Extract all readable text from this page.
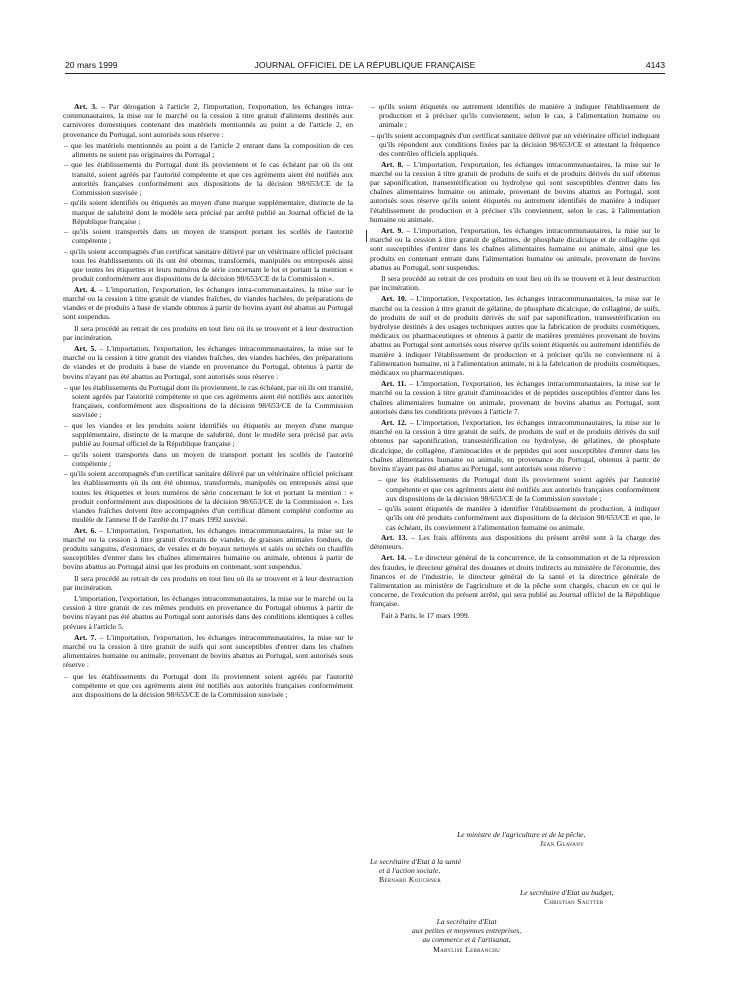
20 mars 1999	JOURNAL OFFICIEL DE LA RÉPUBLIQUE FRANÇAISE	4143

Art. 3. – Par dérogation à l'article 2, l'importation, l'exportation, les échanges intra-communautaires, la mise sur le marché ou la cession à titre gratuit d'aliments destinés aux carnivores domestiques contenant des matériels mentionnés au point a de l'article 2, en provenance du Portugal, sont autorisés sous réserve :

– que les matériels mentionnés au point a de l'article 2 entrant dans la composition de ces aliments ne soient pas originaires du Portugal ;

– que les établissements du Portugal dont ils proviennent et le cas échéant par où ils ont transité, soient agréés par l'autorité compétente et que ces agréments aient été notifiés aux autorités françaises conformément aux dispositions de la décision 98/653/CE de la Commission susvisée ;

– qu'ils soient identifiés ou étiquetés au moyen d'une marque supplémentaire, distincte de la marque de salubrité dont le modèle sera précisé par arrêté publié au Journal officiel de la République française ;

– qu'ils soient transportés dans un moyen de transport portant les scellés de l'autorité compétente ;

– qu'ils soient accompagnés d'un certificat sanitaire délivré par un vétérinaire officiel précisant tous les établissements où ils ont été obtenus, transformés, manipulés ou entreposés ainsi que toutes les étiquettes et leurs numéros de série concernant le lot et portant la mention « produit conformément aux dispositions de la décision 98/653/CE de la Commission ».

Art. 4. – L'importation, l'exportation, les échanges intra-communautaires, la mise sur le marché ou la cession à titre gratuit de viandes fraîches, de viandes hachées, de préparations de viandes et de produits à base de viande obtenus à partir de bovins ayant été abattus au Portugal sont suspendus.

Il sera procédé au retrait de ces produits en tout lieu où ils se trouvent et à leur destruction par incinération.

Art. 5. – L'importation, l'exportation, les échanges intracommunautaires, la mise sur le marché ou la cession à titre gratuit des viandes fraîches, des viandes hachées, des préparations de viandes et de produits à base de viande en provenance du Portugal, obtenus à partir de bovins n'ayant pas été abattus au Portugal, sont autorisés sous réserve :

– que les établissements du Portugal dont ils proviennent, le cas échéant, par où ils ont transité, soient agréés par l'autorité compétente et que ces agréments aient été notifiés aux autorités françaises, conformément aux dispositions de la décision 98/653/CE de la Commission susvisée ;

– que les viandes et les produits soient identifiés ou étiquetés au moyen d'une marque supplémentaire, distincte de la marque de salubrité, dont le modèle sera précisé par avis publié au Journal officiel de la République française ;

– qu'ils soient transportés dans un moyen de transport portant les scellés de l'autorité compétente ;

– qu'ils soient accompagnés d'un certificat sanitaire délivré par un vétérinaire officiel précisant les établissements où ils ont été obtenus, transformés, manipulés ou entreposés ainsi que toutes les étiquettes et leurs numéros de série concernant le lot et portant la mention : « produit conformément aux dispositions de la décision 98/653/CE de la Commission ». Les viandes fraîches doivent être accompagnées d'un certificat dûment complété conforme au modèle de l'annexe II de l'arrêté du 17 mars 1992 susvisé.

Art. 6. – L'importation, l'exportation, les échanges intracommunautaires, la mise sur le marché ou la cession à titre gratuit d'extraits de viandes, de graisses animales fondues, de produits sanguins, d'estomacs, de vessies et de boyaux nettoyés et salés ou séchés ou chauffés susceptibles d'entrer dans les chaînes alimentaires humaine ou animale, obtenus à partir de bovins abattus au Portugal ainsi que les produits en contenant, sont suspendus.

Il sera procédé au retrait de ces produits en tout lieu où ils se trouvent et à leur destruction par incinération.

L'importation, l'exportation, les échanges intracommunautaires, la mise sur le marché ou la cession à titre gratuit de ces mêmes produits en provenance du Portugal obtenus à partir de bovins n'ayant pas été abattus au Portugal sont autorisés dans des conditions identiques à celles prévues à l'article 5.

Art. 7. – L'importation, l'exportation, les échanges intracommunautaires, la mise sur le marché ou la cession à titre gratuit de suifs qui sont susceptibles d'entrer dans les chaînes alimentaires humaine ou animale, provenant de bovins abattus au Portugal, sont autorisés sous réserve :

– que les établissements du Portugal dont ils proviennent soient agréés par l'autorité compétente et que ces agréments aient été notifiés aux autorités françaises conformément aux dispositions de la décision 98/653/CE de la Commission susvisée ;

– qu'ils soient étiquetés ou autrement identifiés de manière à indiquer l'établissement de production et à préciser qu'ils conviennent, selon le cas, à l'alimentation humaine ou animale ;

– qu'ils soient accompagnés d'un certificat sanitaire délivré par un vétérinaire officiel indiquant qu'ils répondent aux conditions fixées par la décision 98/653/CE et attestant la fréquence des contrôles officiels appliqués.

Art. 8. – L'importation, l'exportation, les échanges intracommunautaires, la mise sur le marché ou la cession à titre gratuit de produits de suifs et de produits dérivés du suif obtenus par saponification, transestérification ou hydrolyse qui sont susceptibles d'entrer dans les chaînes alimentaires humaine ou animale, provenant de bovins abattus au Portugal, sont autorisés sous réserve qu'ils soient étiquetés ou autrement identifiés de manière à indiquer l'établissement de production et à préciser s'ils conviennent, selon le cas, à l'alimentation humaine ou animale.

Art. 9. – L'importation, l'exportation, les échanges intracommunautaires, la mise sur le marché ou la cession à titre gratuit de gélatines, de phosphate dicalcique et de collagène qui sont susceptibles d'entrer dans les chaînes alimentaires humaine ou animale, ainsi que les produits en contenant entrant dans l'alimentation humaine ou animale, provenant de bovins abattus au Portugal, sont suspendus.

Il sera procédé au retrait de ces produits en tout lieu où ils se trouvent et à leur destruction par incinération.

Art. 10. – L'importation, l'exportation, les échanges intracommunautaires, la mise sur le marché ou la cession à titre gratuit de gélatine, de phosphate dicalcique, de collagène, de suifs, de produits de suif et de produits dérivés du suif par saponification, transestérification ou hydrolyse destinés à des usages techniques autres que la fabrication de produits cosmétiques, médicaux ou pharmaceutiques et obtenus à partir de matières premières provenant de bovins abattus au Portugal sont autorisés sous réserve qu'ils soient étiquetés ou autrement identifiés de manière à indiquer l'établissement de production et à préciser qu'ils ne conviennent ni à l'alimentation humaine, ni à l'alimentation animale, ni à la fabrication de produits cosmétiques, médicaux ou pharmaceutiques.

Art. 11. – L'importation, l'exportation, les échanges intracommunautaires, la mise sur le marché ou la cession à titre gratuit d'aminoacides et de peptides susceptibles d'entrer dans les chaînes alimentaires humaine ou animale, provenant de bovins abattus au Portugal, sont autorisés dans les conditions prévues à l'article 7.

Art. 12. – L'importation, l'exportation, les échanges intracommunautaires, la mise sur le marché ou la cession à titre gratuit de suifs, de produits de suif et de produits dérivés du suif obtenus par saponification, transestérification ou hydrolyse, de gélatines, de phosphate dicalcique, de collagène, d'aminoacides et de peptides qui sont susceptibles d'entrer dans les chaînes alimentaires humaine ou animale, en provenance du Portugal, obtenus à partir de bovins n'ayant pas été abattus au Portugal, sont autorisés sous réserve :

– que les établissements du Portugal dont ils proviennent soient agréés par l'autorité compétente et que ces agréments aient été notifiés aux autorités françaises conformément aux dispositions de la décision 98/653/CE de la Commission susvisée ;

– qu'ils soient étiquetés de manière à identifier l'établissement de production, à indiquer qu'ils ont été produits conformément aux dispositions de la décision 98/653/CE et que, le cas échéant, ils conviennent à l'alimentation humaine ou animale.

Art. 13. – Les frais afférents aux dispositions du présent arrêté sont à la charge des détenteurs.

Art. 14. – Le directeur général de la concurrence, de la consommation et de la répression des fraudes, le directeur général des douanes et droits indirects au ministère de l'économie, des finances et de l'industrie, le directeur général de la santé et la directrice générale de l'alimentation au ministère de l'agriculture et de la pêche sont chargés, chacun en ce qui le concerne, de l'exécution du présent arrêté, qui sera publié au Journal officiel de la République française.

Fait à Paris, le 17 mars 1999.

Le ministre de l'agriculture et de la pêche,
Jean Glavany
Le secrétaire d'Etat à la santé
et à l'action sociale,
Bernard Kouchner
Le secrétaire d'Etat au budget,
Christian Sautter
La secrétaire d'Etat
aux petites et moyennes entreprises,
au commerce et à l'artisanat,
Marylise Lebranchu
